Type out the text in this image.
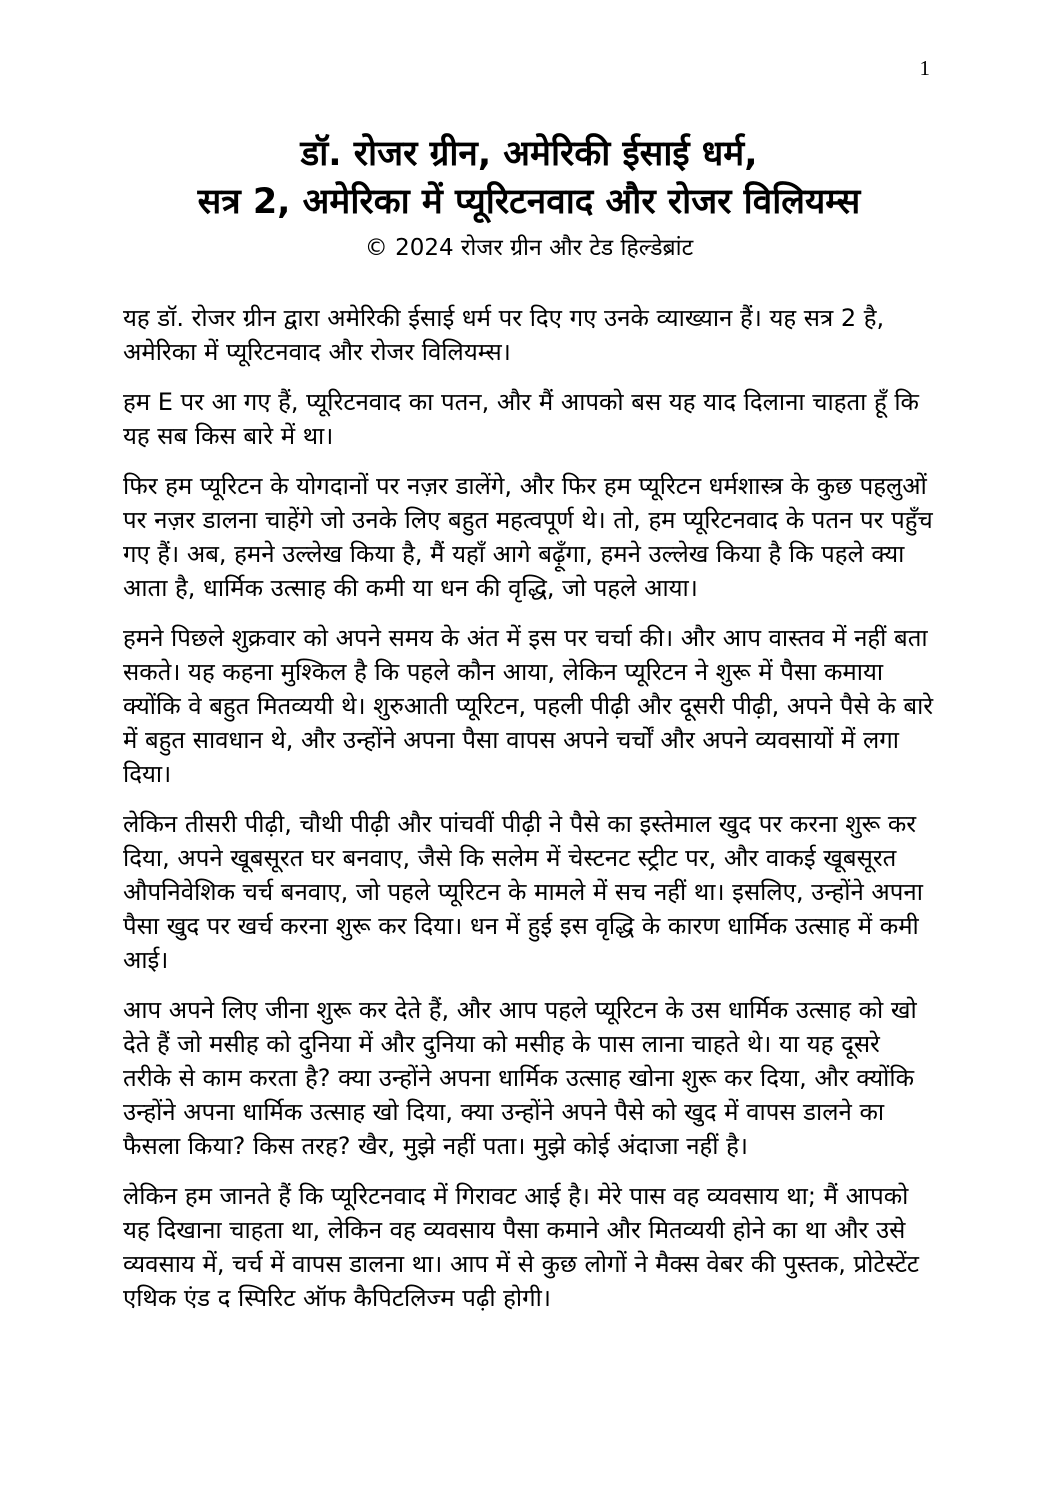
1
डॉ. रोजर ग्रीन, अमेरिकी ईसाई धर्म,
सत्र 2, अमेरिका में प्यूरिटनवाद और रोजर विलियम्स
© 2024 रोजर ग्रीन और टेड हिल्डेब्रांट

यह डॉ. रोजर ग्रीन द्वारा अमेरिकी ईसाई धर्म पर दिए गए उनके व्याख्यान हैं। यह सत्र 2 है, अमेरिका में प्यूरिटनवाद और रोजर विलियम्स।

हम E पर आ गए हैं, प्यूरिटनवाद का पतन, और मैं आपको बस यह याद दिलाना चाहता हूँ कि यह सब किस बारे में था।

फिर हम प्यूरिटन के योगदानों पर नज़र डालेंगे, और फिर हम प्यूरिटन धर्मशास्त्र के कुछ पहलुओं पर नज़र डालना चाहेंगे जो उनके लिए बहुत महत्वपूर्ण थे। तो, हम प्यूरिटनवाद के पतन पर पहुँच गए हैं। अब, हमने उल्लेख किया है, मैं यहाँ आगे बढ़ूँगा, हमने उल्लेख किया है कि पहले क्या आता है, धार्मिक उत्साह की कमी या धन की वृद्धि, जो पहले आया।

हमने पिछले शुक्रवार को अपने समय के अंत में इस पर चर्चा की। और आप वास्तव में नहीं बता सकते। यह कहना मुश्किल है कि पहले कौन आया, लेकिन प्यूरिटन ने शुरू में पैसा कमाया क्योंकि वे बहुत मितव्ययी थे। शुरुआती प्यूरिटन, पहली पीढ़ी और दूसरी पीढ़ी, अपने पैसे के बारे में बहुत सावधान थे, और उन्होंने अपना पैसा वापस अपने चर्चों और अपने व्यवसायों में लगा दिया।

लेकिन तीसरी पीढ़ी, चौथी पीढ़ी और पांचवीं पीढ़ी ने पैसे का इस्तेमाल खुद पर करना शुरू कर दिया, अपने खूबसूरत घर बनवाए, जैसे कि सलेम में चेस्टनट स्ट्रीट पर, और वाकई खूबसूरत औपनिवेशिक चर्च बनवाए, जो पहले प्यूरिटन के मामले में सच नहीं था। इसलिए, उन्होंने अपना पैसा खुद पर खर्च करना शुरू कर दिया। धन में हुई इस वृद्धि के कारण धार्मिक उत्साह में कमी आई।

आप अपने लिए जीना शुरू कर देते हैं, और आप पहले प्यूरिटन के उस धार्मिक उत्साह को खो देते हैं जो मसीह को दुनिया में और दुनिया को मसीह के पास लाना चाहते थे। या यह दूसरे तरीके से काम करता है? क्या उन्होंने अपना धार्मिक उत्साह खोना शुरू कर दिया, और क्योंकि उन्होंने अपना धार्मिक उत्साह खो दिया, क्या उन्होंने अपने पैसे को खुद में वापस डालने का फैसला किया? किस तरह? खैर, मुझे नहीं पता। मुझे कोई अंदाजा नहीं है।

लेकिन हम जानते हैं कि प्यूरिटनवाद में गिरावट आई है। मेरे पास वह व्यवसाय था; मैं आपको यह दिखाना चाहता था, लेकिन वह व्यवसाय पैसा कमाने और मितव्ययी होने का था और उसे व्यवसाय में, चर्च में वापस डालना था। आप में से कुछ लोगों ने मैक्स वेबर की पुस्तक, प्रोटेस्टेंट एथिक एंड द स्पिरिट ऑफ कैपिटलिज्म पढ़ी होगी।
